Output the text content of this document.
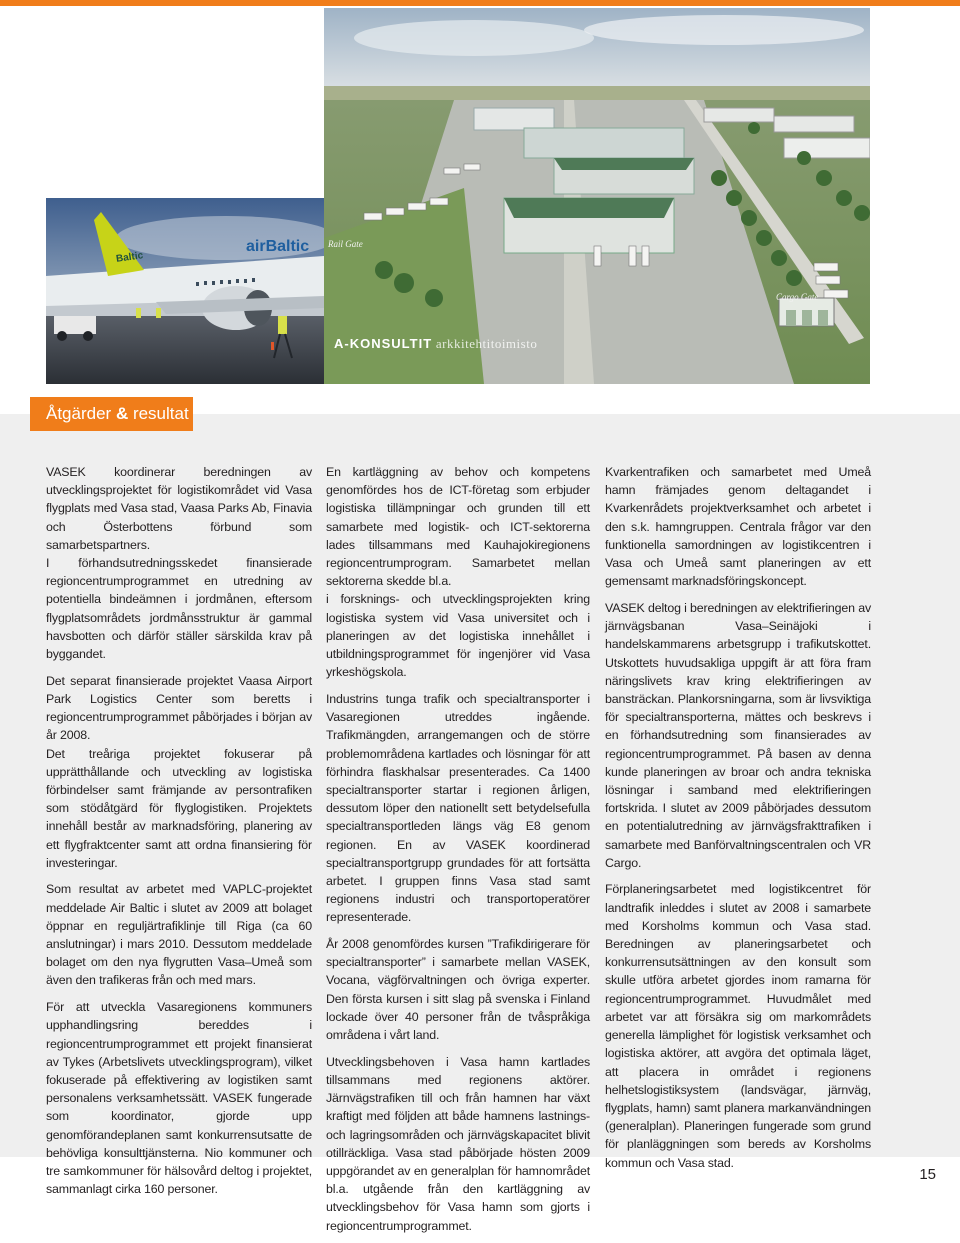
Rail Gate
Cargo Gate
A-KONSULTIT arkkitehtitoimisto
airBaltic
Baltic
Åtgärder & resultat

VASEK koordinerar beredningen av utvecklingsprojektet för logistikområdet vid Vasa flygplats med Vasa stad, Vaasa Parks Ab, Finavia och Österbottens förbund som samarbetspartners.

I förhandsutredningsskedet finansierade regioncentrumprogrammet en utredning av potentiella bindeämnen i jordmånen, eftersom flygplatsområdets jordmånsstruktur är gammal havsbotten och därför ställer särskilda krav på byggandet.

Det separat finansierade projektet Vaasa Airport Park Logistics Center som beretts i regioncentrumprogrammet påbörjades i början av år 2008.

Det treåriga projektet fokuserar på upprätthållande och utveckling av logistiska förbindelser samt främjande av persontrafiken som stödåtgärd för flyglogistiken. Projektets innehåll består av marknadsföring, planering av ett flygfraktcenter samt att ordna finansiering för investeringar.

Som resultat av arbetet med VAPLC-projektet meddelade Air Baltic i slutet av 2009 att bolaget öppnar en reguljärtrafiklinje till Riga (ca 60 anslutningar) i mars 2010. Dessutom meddelade bolaget om den nya flygrutten Vasa–Umeå som även den trafikeras från och med mars.

För att utveckla Vasaregionens kommuners upphandlingsring bereddes i regioncentrumprogrammet ett projekt finansierat av Tykes (Arbetslivets utvecklingsprogram), vilket fokuserade på effektivering av logistiken samt personalens verksamhetssätt. VASEK fungerade som koordinator, gjorde upp genomförandeplanen samt konkurrensutsatte de behövliga konsulttjänsterna. Nio kommuner och tre samkommuner för hälsovård deltog i projektet, sammanlagt cirka 160 personer.

En kartläggning av behov och kompetens genomfördes hos de ICT-företag som erbjuder logistiska tillämpningar och grunden till ett samarbete med logistik- och ICT-sektorerna lades tillsammans med Kauhajokiregionens regioncentrumprogram. Samarbetet mellan sektorerna skedde bl.a.

i forsknings- och utvecklingsprojekten kring logistiska system vid Vasa universitet och i planeringen av det logistiska innehållet i utbildningsprogrammet för ingenjörer vid Vasa yrkeshögskola.

Industrins tunga trafik och specialtransporter i Vasaregionen utreddes ingående. Trafikmängden, arrangemangen och de större problemområdena kartlades och lösningar för att förhindra flaskhalsar presenterades. Ca 1400 specialtransporter startar i regionen årligen, dessutom löper den nationellt sett betydelsefulla specialtransportleden längs väg E8 genom regionen. En av VASEK koordinerad specialtransportgrupp grundades för att fortsätta arbetet. I gruppen finns Vasa stad samt regionens industri och transportoperatörer representerade.

År 2008 genomfördes kursen ”Trafikdirigerare för specialtransporter” i samarbete mellan VASEK, Vocana, vägförvaltningen och övriga experter. Den första kursen i sitt slag på svenska i Finland lockade över 40 personer från de tvåspråkiga områdena i vårt land.

Utvecklingsbehoven i Vasa hamn kartlades tillsammans med regionens aktörer. Järnvägstrafiken till och från hamnen har växt kraftigt med följden att både hamnens lastnings- och lagringsområden och järnvägskapacitet blivit otillräckliga. Vasa stad påbörjade hösten 2009 uppgörandet av en generalplan för hamnområdet bl.a. utgående från den kartläggning av utvecklingsbehov för Vasa hamn som gjorts i regioncentrumprogrammet.

Kvarkentrafiken och samarbetet med Umeå hamn främjades genom deltagandet i Kvarkenrådets projektverksamhet och arbetet i den s.k. hamngruppen. Centrala frågor var den funktionella samordningen av logistikcentren i Vasa och Umeå samt planeringen av ett gemensamt marknadsföringskoncept.

VASEK deltog i beredningen av elektrifieringen av järnvägsbanan Vasa–Seinäjoki i handelskammarens arbetsgrupp i trafikutskottet. Utskottets huvudsakliga uppgift är att föra fram näringslivets krav kring elektrifieringen av bansträckan. Plankorsningarna, som är livsviktiga för specialtransporterna, mättes och beskrevs i en förhandsutredning som finansierades av regioncentrumprogrammet. På basen av denna kunde planeringen av broar och andra tekniska lösningar i samband med elektrifieringen fortskrida. I slutet av 2009 påbörjades dessutom en potentialutredning av järnvägsfrakttrafiken i samarbete med Banförvaltningscentralen och VR Cargo.

Förplaneringsarbetet med logistikcentret för landtrafik inleddes i slutet av 2008 i samarbete med Korsholms kommun och Vasa stad. Beredningen av planeringsarbetet och konkurrensutsättningen av den konsult som skulle utföra arbetet gjordes inom ramarna för regioncentrumprogrammet. Huvudmålet med arbetet var att försäkra sig om markområdets generella lämplighet för logistisk verksamhet och logistiska aktörer, att avgöra det optimala läget, att placera in området i regionens helhetslogistiksystem (landsvägar, järnväg, flygplats, hamn) samt planera markanvändningen (generalplan). Planeringen fungerade som grund för planläggningen som bereds av Korsholms kommun och Vasa stad.

15
